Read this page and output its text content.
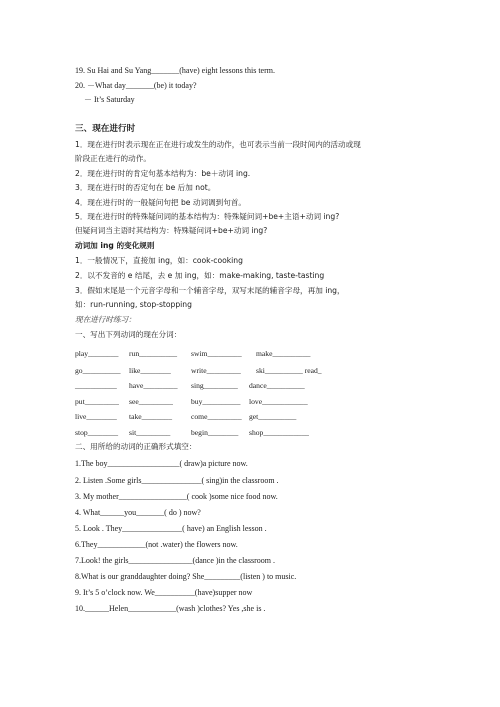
19. Su Hai and Su Yang_______(have) eight lessons this term.
20. －What day_______(be) it today?
－ It’s Saturday
三、现在进行时
1．现在进行时表示现在正在进行或发生的动作，也可表示当前一段时间内的活动或现
阶段正在进行的动作。
2．现在进行时的肯定句基本结构为：be＋动词 ing.
3．现在进行时的否定句在 be 后加 not。
4．现在进行时的一般疑问句把 be 动词调到句首。
5．现在进行时的特殊疑问词的基本结构为：特殊疑问词+be+主语+动词 ing?
但疑问词当主语时其结构为：特殊疑问词+be+动词 ing?
动词加 ing 的变化规则
1．一般情况下，直接加 ing，如：cook-cooking
2．以不发音的 e 结尾，去 e 加 ing，如：make-making, taste-tasting
3．假如末尾是一个元音字母和一个辅音字母，双写末尾的辅音字母，再加 ing，
如：run-running, stop-stopping
现在进行时练习：
一、写出下列动词的现在分词：
play________ run__________ swim_________ make__________
go__________ like________	write_________ ski__________ read_
___________ have_________ sing_________ dance__________
put_________ see_________ buy__________ love____________
live________ take________ come_________ get__________
stop________ sit_________	begin________ shop____________
二、用所给的动词的正确形式填空：
1.The boy__________________( draw)a picture now.
2. Listen .Some girls_______________( sing)in the classroom .
3. My mother_________________( cook )some nice food now.
4. What______you_______( do ) now?
5. Look . They_______________( have) an English lesson .
6.They____________(not .water) the flowers now.
7.Look! the girls________________(dance )in the classroom .
8.What is our granddaughter doing? She_________(listen ) to music.
9. It’s 5 o’clock now. We__________(have)supper now
10.______Helen____________(wash )clothes? Yes ,she is .
